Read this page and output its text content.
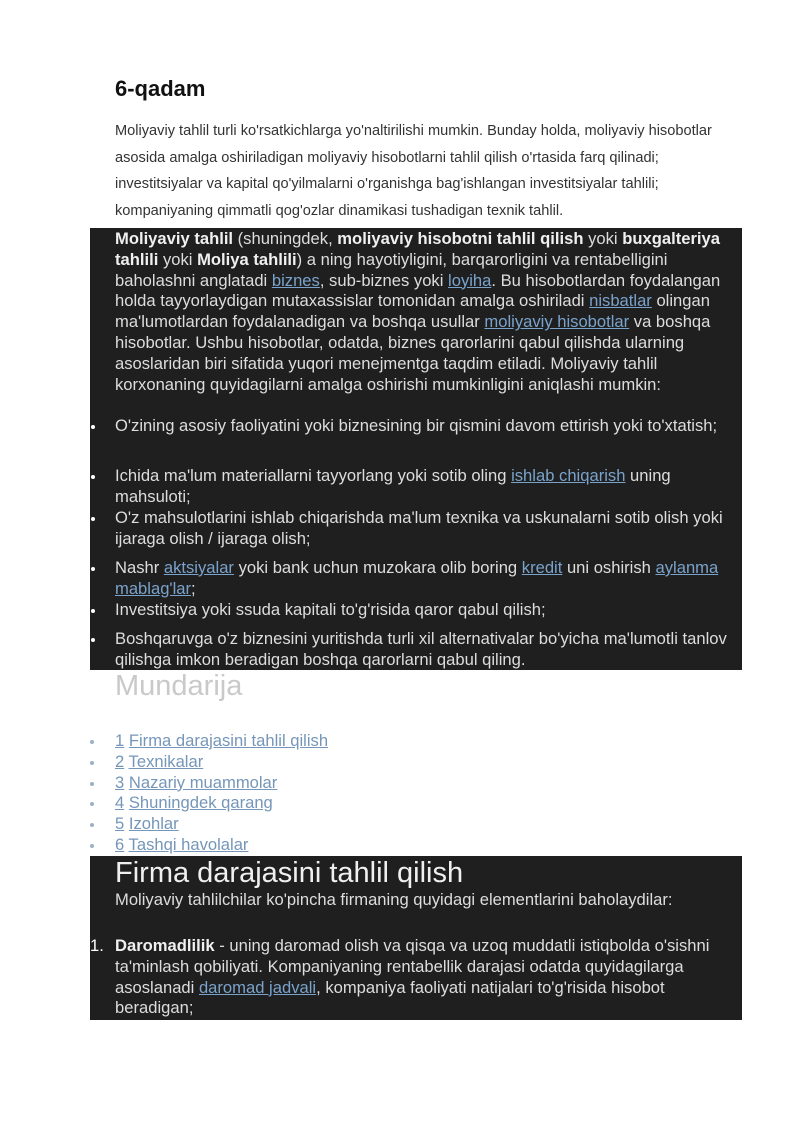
6-qadam

Moliyaviy tahlil turli ko'rsatkichlarga yo'naltirilishi mumkin. Bunday holda, moliyaviy hisobotlar asosida amalga oshiriladigan moliyaviy hisobotlarni tahlil qilish o'rtasida farq qilinadi; investitsiyalar va kapital qo'yilmalarni o'rganishga bag'ishlangan investitsiyalar tahlili; kompaniyaning qimmatli qog'ozlar dinamikasi tushadigan texnik tahlil.

Moliyaviy tahlil (shuningdek, moliyaviy hisobotni tahlil qilish yoki buxgalteriya tahlili yoki Moliya tahlili) a ning hayotiyligini, barqarorligini va rentabelligini baholashni anglatadi biznes, sub-biznes yoki loyiha. Bu hisobotlardan foydalangan holda tayyorlaydigan mutaxassislar tomonidan amalga oshiriladi nisbatlar olingan ma'lumotlardan foydalanadigan va boshqa usullar moliyaviy hisobotlar va boshqa hisobotlar. Ushbu hisobotlar, odatda, biznes qarorlarini qabul qilishda ularning asoslaridan biri sifatida yuqori menejmentga taqdim etiladi. Moliyaviy tahlil korxonaning quyidagilarni amalga oshirishi mumkinligini aniqlashi mumkin:

O'zining asosiy faoliyatini yoki biznesining bir qismini davom ettirish yoki to'xtatish;
Ichida ma'lum materiallarni tayyorlang yoki sotib oling ishlab chiqarish uning mahsuloti;
O'z mahsulotlarini ishlab chiqarishda ma'lum texnika va uskunalarni sotib olish yoki ijaraga olish / ijaraga olish;
Nashr aktsiyalar yoki bank uchun muzokara olib boring kredit uni oshirish aylanma mablag'lar;
Investitsiya yoki ssuda kapitali to'g'risida qaror qabul qilish;
Boshqaruvga o'z biznesini yuritishda turli xil alternativalar bo'yicha ma'lumotli tanlov qilishga imkon beradigan boshqa qarorlarni qabul qiling.
Mundarija
1 Firma darajasini tahlil qilish
2 Texnikalar
3 Nazariy muammolar
4 Shuningdek qarang
5 Izohlar
6 Tashqi havolalar
Firma darajasini tahlil qilish

Moliyaviy tahlilchilar ko'pincha firmaning quyidagi elementlarini baholaydilar:

1. Daromadlilik - uning daromad olish va qisqa va uzoq muddatli istiqbolda o'sishni ta'minlash qobiliyati. Kompaniyaning rentabellik darajasi odatda quyidagilarga asoslanadi daromad jadvali, kompaniya faoliyati natijalari to'g'risida hisobot beradigan;
